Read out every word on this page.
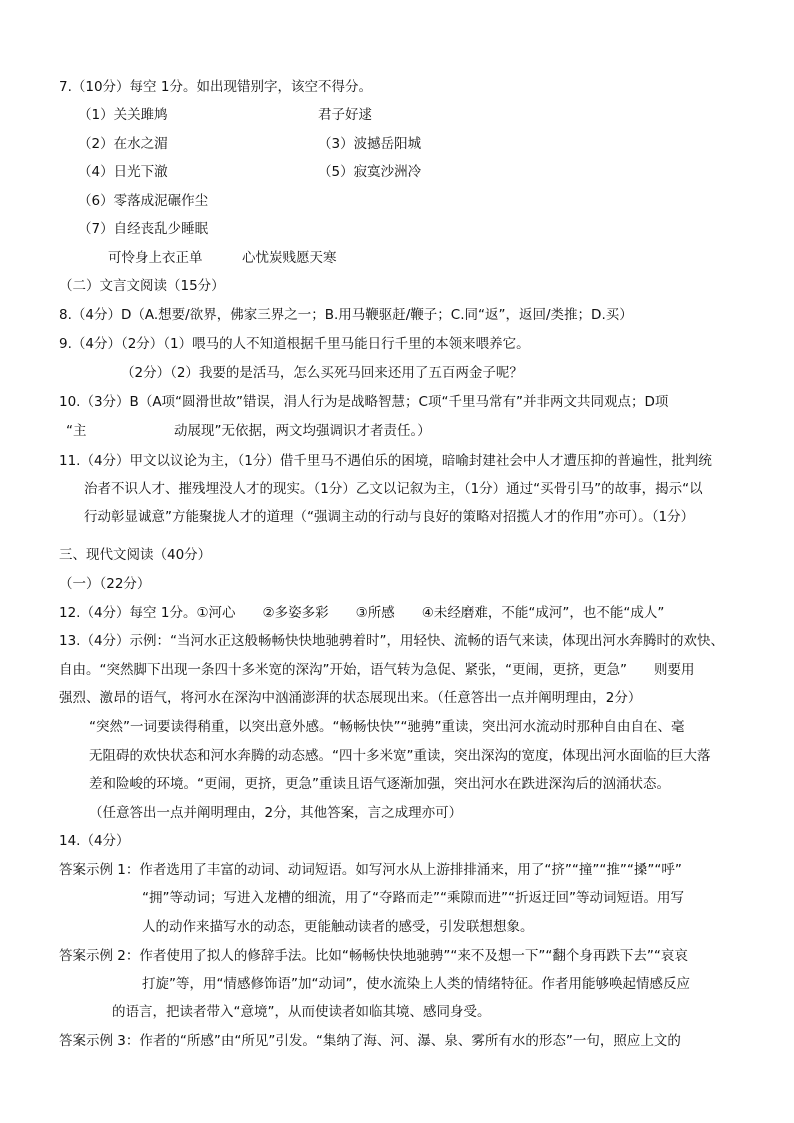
7.（10分）每空 1分。如出现错别字，该空不得分。
（1）关关雎鸠	君子好逑
（2）在水之湄	（3）波撼岳阳城
（4）日光下澈	（5）寂寞沙洲冷
（6）零落成泥碾作尘
（7）自经丧乱少睡眠
可怜身上衣正单	心忧炭贱愿天寒
（二）文言文阅读（15分）
8.（4分）D（A.想要/欲界，佛家三界之一；B.用马鞭驱赶/鞭子；C.同“返”，返回/类推；D.买）
9.（4分）（2分）（1）喂马的人不知道根据千里马能日行千里的本领来喂养它。
（2分）（2）我要的是活马，怎么买死马回来还用了五百两金子呢？
10.（3分）B（A项“圆滑世故”错误，涓人行为是战略智慧；C项“千里马常有”并非两文共同观点；D项
“主	动展现”无依据，两文均强调识才者责任。）
11.（4分）甲文以议论为主，（1分）借千里马不遇伯乐的困境，暗喻封建社会中人才遭压抑的普遍性，批判统
治者不识人才、摧残埋没人才的现实。（1分）乙文以记叙为主，（1分）通过“买骨引马”的故事，揭示“以
行动彰显诚意”方能聚拢人才的道理（“强调主动的行动与良好的策略对招揽人才的作用”亦可）。（1分）
三、现代文阅读（40分）
（一）（22分）
12.（4分）每空 1分。①河心　　②多姿多彩　　③所感　　④未经磨难，不能“成河”，也不能“成人”
13.（4分）示例：“当河水正这般畅畅快快地驰骋着时”，用轻快、流畅的语气来读，体现出河水奔腾时的欢快、
自由。“突然脚下出现一条四十多米宽的深沟”开始，语气转为急促、紧张，“更闹，更挤，更急”　　则要用
强烈、激昂的语气，将河水在深沟中汹涌澎湃的状态展现出来。（任意答出一点并阐明理由，2分）
“突然”一词要读得稍重，以突出意外感。“畅畅快快”“驰骋”重读，突出河水流动时那种自由自在、毫
无阻碍的欢快状态和河水奔腾的动态感。“四十多米宽”重读，突出深沟的宽度，体现出河水面临的巨大落
差和险峻的环境。“更闹，更挤，更急”重读且语气逐渐加强，突出河水在跌进深沟后的汹涌状态。
（任意答出一点并阐明理由，2分，其他答案，言之成理亦可）
14.（4分）
答案示例 1：作者选用了丰富的动词、动词短语。如写河水从上游排排涌来，用了“挤”“撞”“推”“搡”“呼”
“拥”等动词；写进入龙槽的细流，用了“夺路而走”“乘隙而进”“折返迂回”等动词短语。用写
人的动作来描写水的动态，更能触动读者的感受，引发联想想象。
答案示例 2：作者使用了拟人的修辞手法。比如“畅畅快快地驰骋”“来不及想一下”“翻个身再跌下去”“哀哀
打旋”等，用“情感修饰语”加“动词”，使水流染上人类的情绪特征。作者用能够唤起情感反应
的语言，把读者带入“意境”，从而使读者如临其境、感同身受。
答案示例 3：作者的“所感”由“所见”引发。“集纳了海、河、瀑、泉、雾所有水的形态”一句，照应上文的
